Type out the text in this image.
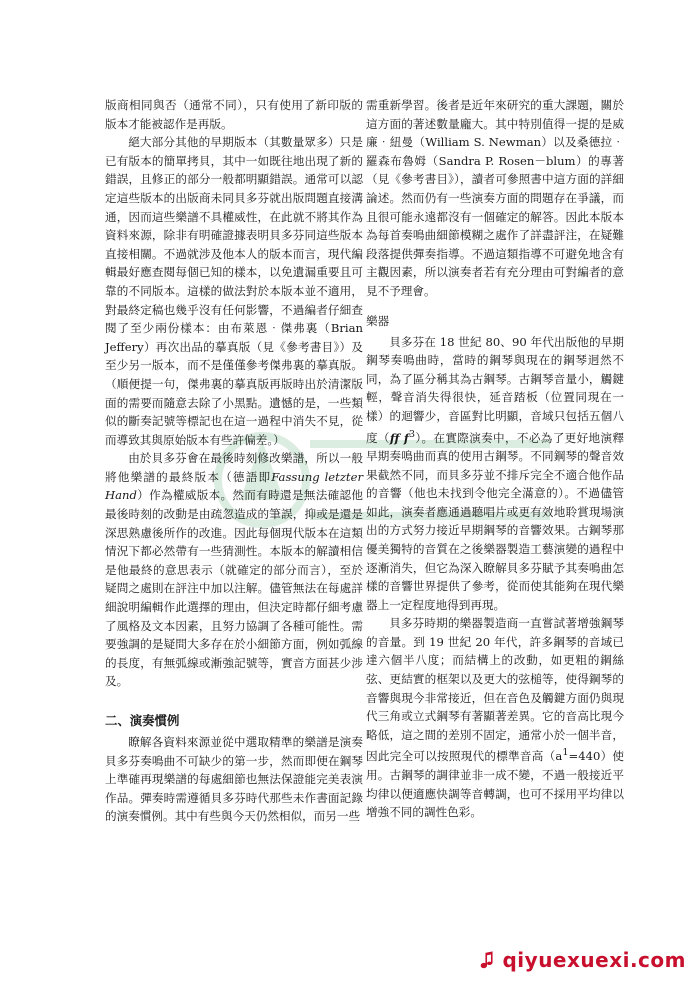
版商相同與否（通常不同），只有使用了新印版的版本才能被認作是再版。

絕大部分其他的早期版本（其數量眾多）只是已有版本的簡單拷貝，其中一如既往地出現了新的錯誤，且修正的部分一般都明顯錯誤。通常可以認定這些版本的出版商未同貝多芬就出版問題直接溝通，因而這些樂譜不具權威性，在此就不將其作為資料來源，除非有明確證據表明貝多芬同這些版本直接相關。不過就涉及他本人的版本而言，現代編輯最好應查閱每個已知的樣本，以免遺漏重要且可靠的不同版本。這樣的做法對於本版本並不適用，對最終定稿也幾乎沒有任何影響，不過編者仔細查閱了至少兩份樣本：由布萊恩‧傑弗裏（Brian Jeffery）再次出品的摹真版（見《參考書目》）及至少另一版本，而不是僅僅參考傑弗裏的摹真版。（順便提一句，傑弗裏的摹真版再版時出於清潔版面的需要而隨意去除了小黑點。遺憾的是，一些類似的斷奏記號等標記也在這一過程中消失不見，從而導致其與原始版本有些許偏差。）

由於貝多芬會在最後時刻修改樂譜，所以一般將他樂譜的最終版本（德語即Fassung letzter Hand）作為權威版本。然而有時還是無法確認他最後時刻的改動是由疏忽造成的筆誤，抑或是還是深思熟慮後所作的改進。因此每個現代版本在這類情況下都必然帶有一些猜測性。本版本的解讀相信是他最終的意思表示（就確定的部分而言），至於疑問之處則在評注中加以注解。儘管無法在每處詳細說明編輯作此選擇的理由，但決定時都仔細考慮了風格及文本因素，且努力協調了各種可能性。需要強調的是疑問大多存在於小細節方面，例如弧線的長度，有無弧線或漸強記號等，實音方面甚少涉及。

二、演奏慣例

瞭解各資料來源並從中選取精準的樂譜是演奏貝多芬奏鳴曲不可缺少的第一步，然而即便在鋼琴上準確再現樂譜的每處細節也無法保證能完美表演作品。彈奏時需遵循貝多芬時代那些未作書面記錄的演奏慣例。其中有些與今天仍然相似，而另一些

需重新學習。後者是近年來研究的重大課題，關於這方面的著述數量龐大。其中特別值得一提的是威廉‧紐曼（William S. Newman）以及桑德拉‧羅森布魯姆（Sandra P. Rosen－blum）的專著（見《參考書目》），讀者可參照書中這方面的詳細論述。然而仍有一些演奏方面的問題存在爭議，而且很可能永遠都沒有一個確定的解答。因此本版本為每首奏鳴曲細節模糊之處作了詳盡評注，在疑難段落提供彈奏指導。不過這類指導不可避免地含有主觀因素，所以演奏者若有充分理由可對編者的意見不予理會。

樂器

貝多芬在 18 世紀 80、90 年代出版他的早期鋼琴奏鳴曲時，當時的鋼琴與現在的鋼琴迥然不同，為了區分稱其為古鋼琴。古鋼琴音量小，觸鍵輕，聲音消失得很快，延音踏板（位置同現在一樣）的迴響少，音區對比明顯，音域只包括五個八度（ff $f^3$）。在實際演奏中，不必為了更好地演釋早期奏鳴曲而真的使用古鋼琴。不同鋼琴的聲音效果截然不同，而貝多芬並不排斥完全不適合他作品的音響（他也未找到令他完全滿意的）。不過儘管如此，演奏者應通過聽唱片或更有效地聆賞現場演出的方式努力接近早期鋼琴的音響效果。古鋼琴那優美獨特的音質在之後樂器製造工藝演變的過程中逐漸消失，但它為深入瞭解貝多芬賦予其奏鳴曲怎樣的音響世界提供了參考，從而使其能夠在現代樂器上一定程度地得到再現。

貝多芬時期的樂器製造商一直嘗試著增強鋼琴的音量。到 19 世紀 20 年代，許多鋼琴的音域已達六個半八度；而結構上的改動，如更粗的鋼絲弦、更結實的框架以及更大的弦槌等，使得鋼琴的音響與現今非常接近，但在音色及觸鍵方面仍與現代三角或立式鋼琴有著顯著差異。它的音高比現今略低，這之間的差別不固定，通常小於一個半音，因此完全可以按照現代的標準音高$(a^1=440)$使用。古鋼琴的調律並非一成不變，不過一般接近平均律以便適應快調等音轉調，也可不採用平均律以增強不同的調性色彩。

qiyuexuexi.com
